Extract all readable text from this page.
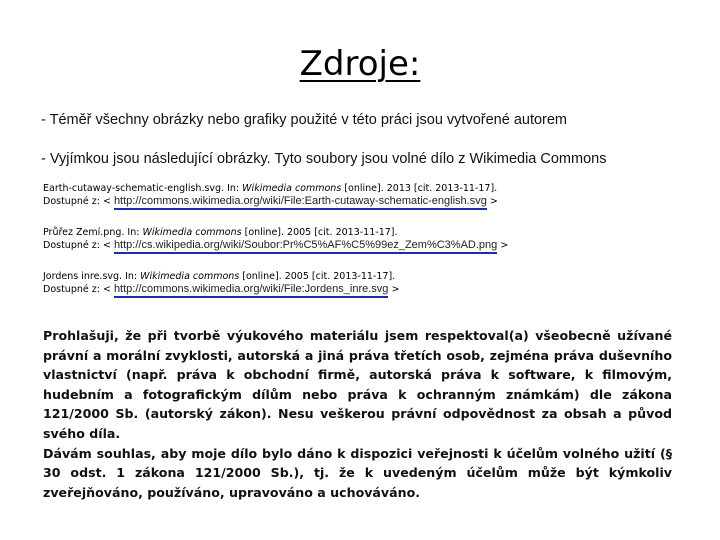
Zdroje:
- Téměř všechny obrázky nebo grafiky použité v této práci jsou vytvořené autorem
- Vyjímkou jsou následující obrázky. Tyto soubory jsou volné dílo z Wikimedia Commons
Earth-cutaway-schematic-english.svg. In: Wikimedia commons [online]. 2013 [cit. 2013-11-17].
Dostupné z: < http://commons.wikimedia.org/wiki/File:Earth-cutaway-schematic-english.svg >
Průřez Zemí.png. In: Wikimedia commons [online]. 2005 [cit. 2013-11-17].
Dostupné z: < http://cs.wikipedia.org/wiki/Soubor:Pr%C5%AF%C5%99ez_Zem%C3%AD.png >
Jordens inre.svg. In: Wikimedia commons [online]. 2005 [cit. 2013-11-17].
Dostupné z: < http://commons.wikimedia.org/wiki/File:Jordens_inre.svg >

Prohlašuji, že při tvorbě výukového materiálu jsem respektoval(a) všeobecně užívané právní a morální zvyklosti, autorská a jiná práva třetích osob, zejména práva duševního vlastnictví (např. práva k obchodní firmě, autorská práva k software, k filmovým, hudebním a fotografickým dílům nebo práva k ochranným známkám) dle zákona 121/2000 Sb. (autorský zákon). Nesu veškerou právní odpovědnost za obsah a původ svého díla.

Dávám souhlas, aby moje dílo bylo dáno k dispozici veřejnosti k účelům volného užití (§ 30 odst. 1 zákona 121/2000 Sb.), tj. že k uvedeným účelům může být kýmkoliv zveřejňováno, používáno, upravováno a uchováváno.
